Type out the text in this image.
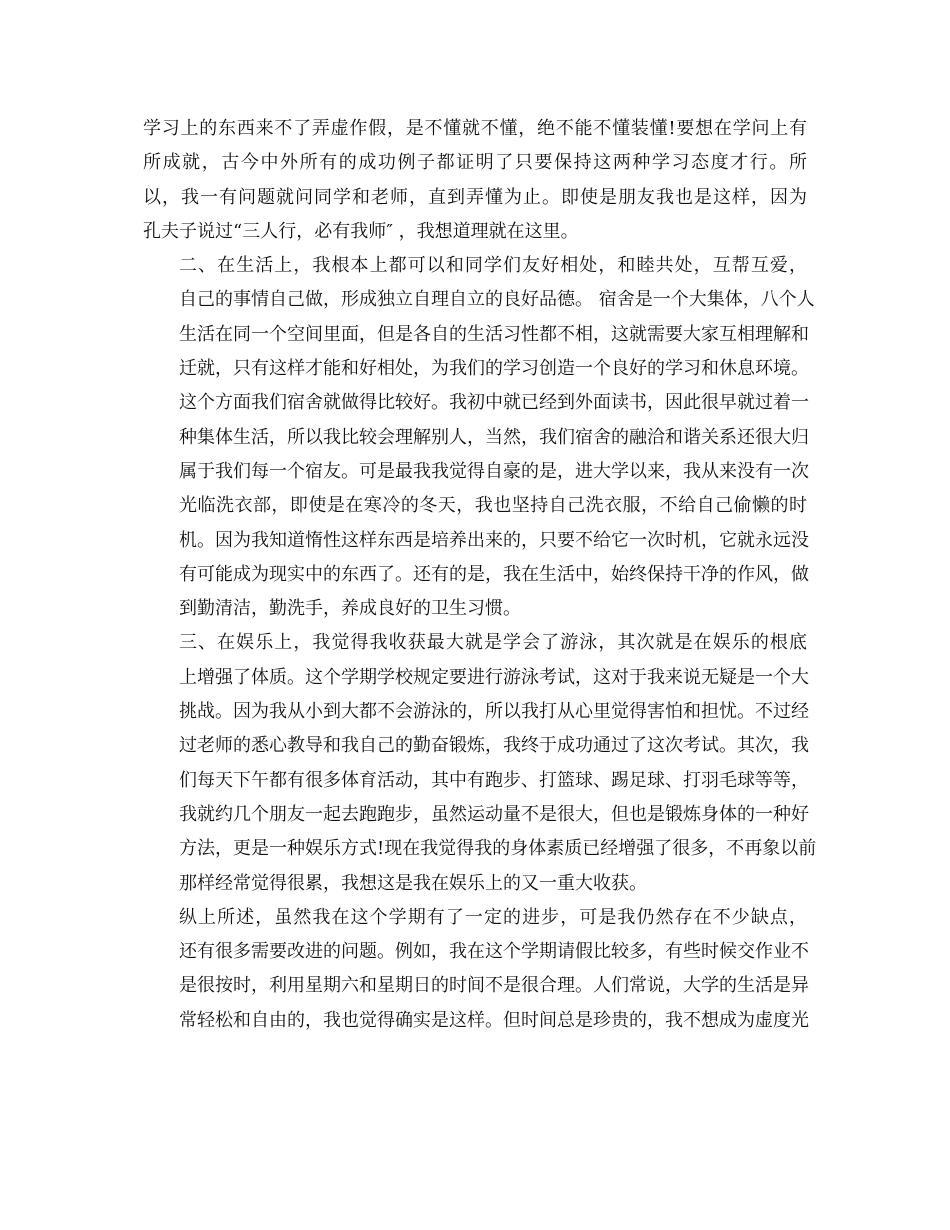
学习上的东西来不了弄虚作假，是不懂就不懂，绝不能不懂装懂!要想在学问上有
所成就，古今中外所有的成功例子都证明了只要保持这两种学习态度才行。所
以，我一有问题就问同学和老师，直到弄懂为止。即使是朋友我也是这样，因为
孔夫子说过“三人行，必有我师″ ，我想道理就在这里。

二、在生活上，我根本上都可以和同学们友好相处，和睦共处，互帮互爱，
自己的事情自己做，形成独立自理自立的良好品德。 宿舍是一个大集体，八个人
生活在同一个空间里面，但是各自的生活习性都不相，这就需要大家互相理解和
迁就，只有这样才能和好相处，为我们的学习创造一个良好的学习和休息环境。
这个方面我们宿舍就做得比较好。我初中就已经到外面读书，因此很早就过着一
种集体生活，所以我比较会理解别人，当然，我们宿舍的融洽和谐关系还很大归
属于我们每一个宿友。可是最我我觉得自豪的是，进大学以来，我从来没有一次
光临洗衣部，即使是在寒冷的冬天，我也坚持自己洗衣服，不给自己偷懒的时
机。因为我知道惰性这样东西是培养出来的，只要不给它一次时机，它就永远没
有可能成为现实中的东西了。还有的是，我在生活中，始终保持干净的作风，做
到勤清洁，勤洗手，养成良好的卫生习惯。

三、在娱乐上，我觉得我收获最大就是学会了游泳，其次就是在娱乐的根底
上增强了体质。这个学期学校规定要进行游泳考试，这对于我来说无疑是一个大
挑战。因为我从小到大都不会游泳的，所以我打从心里觉得害怕和担忧。不过经
过老师的悉心教导和我自己的勤奋锻炼，我终于成功通过了这次考试。其次，我
们每天下午都有很多体育活动，其中有跑步、打篮球、踢足球、打羽毛球等等，
我就约几个朋友一起去跑跑步，虽然运动量不是很大，但也是锻炼身体的一种好
方法，更是一种娱乐方式!现在我觉得我的身体素质已经增强了很多，不再象以前
那样经常觉得很累，我想这是我在娱乐上的又一重大收获。

纵上所述，虽然我在这个学期有了一定的进步，可是我仍然存在不少缺点，
还有很多需要改进的问题。例如，我在这个学期请假比较多，有些时候交作业不
是很按时，利用星期六和星期日的时间不是很合理。人们常说，大学的生活是异
常轻松和自由的，我也觉得确实是这样。但时间总是珍贵的，我不想成为虚度光
